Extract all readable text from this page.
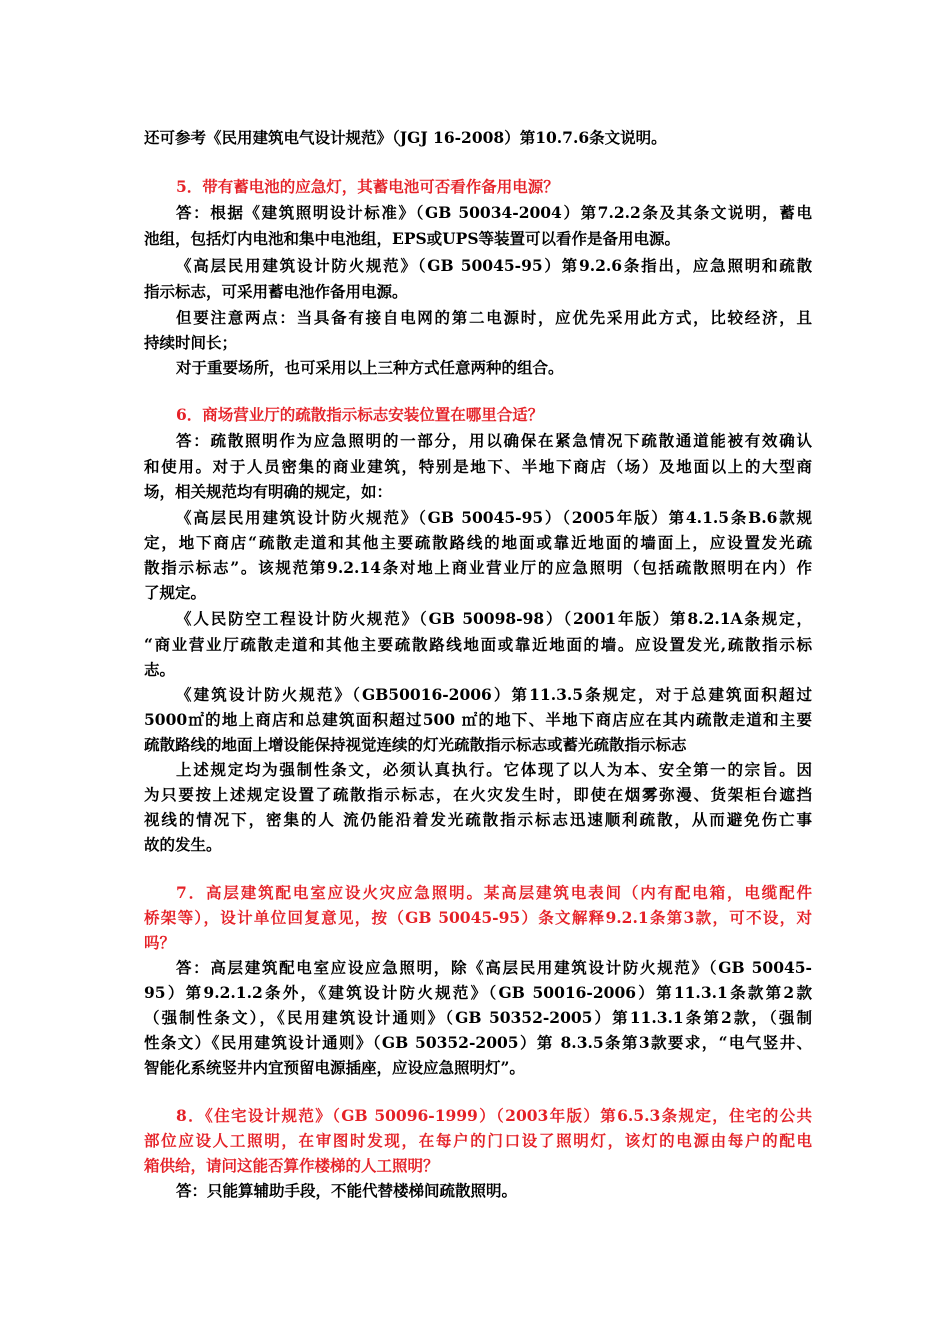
还可参考《民用建筑电气设计规范》（JGJ 16-2008）第10.7.6条文说明。
5．带有蓄电池的应急灯，其蓄电池可否看作备用电源？
答：根据《建筑照明设计标准》（GB 50034-2004）第7.2.2条及其条文说明，蓄电
池组，包括灯内电池和集中电池组，EPS或UPS等装置可以看作是备用电源。
《高层民用建筑设计防火规范》（GB 50045-95）第9.2.6条指出，应急照明和疏散
指示标志，可采用蓄电池作备用电源。
但要注意两点：当具备有接自电网的第二电源时，应优先采用此方式，比较经济，且
持续时间长；
对于重要场所，也可采用以上三种方式任意两种的组合。
6．商场营业厅的疏散指示标志安装位置在哪里合适？
答：疏散照明作为应急照明的一部分，用以确保在紧急情况下疏散通道能被有效确认
和使用。对于人员密集的商业建筑，特别是地下、半地下商店（场）及地面以上的大型商
场，相关规范均有明确的规定，如：
《高层民用建筑设计防火规范》（GB 50045-95）（2005年版）第4.1.5条B.6款规
定，地下商店“疏散走道和其他主要疏散路线的地面或靠近地面的墙面上，应设置发光疏
散指示标志”。该规范第9.2.14条对地上商业营业厅的应急照明（包括疏散照明在内）作
了规定。
《人民防空工程设计防火规范》（GB 50098-98）（2001年版）第8.2.1A条规定，
“商业营业厅疏散走道和其他主要疏散路线地面或靠近地面的墙。应设置发光,疏散指示标
志。
《建筑设计防火规范》（GB50016-2006）第11.3.5条规定，对于总建筑面积超过
5000㎡的地上商店和总建筑面积超过500 ㎡的地下、半地下商店应在其内疏散走道和主要
疏散路线的地面上增设能保持视觉连续的灯光疏散指示标志或蓄光疏散指示标志
上述规定均为强制性条文，必须认真执行。它体现了以人为本、安全第一的宗旨。因
为只要按上述规定设置了疏散指示标志，在火灾发生时，即使在烟雾弥漫、货架柜台遮挡
视线的情况下，密集的人 流仍能沿着发光疏散指示标志迅速顺利疏散，从而避免伤亡事
故的发生。
7．高层建筑配电室应设火灾应急照明。某高层建筑电表间（内有配电箱，电缆配件
桥架等），设计单位回复意见，按（GB 50045-95）条文解释9.2.1条第3款，可不设，对
吗？
答：高层建筑配电室应设应急照明，除《高层民用建筑设计防火规范》（GB 50045-
95）第9.2.1.2条外，《建筑设计防火规范》（GB 50016-2006）第11.3.1条款第2款
（强制性条文），《民用建筑设计通则》（GB 50352-2005）第11.3.1条第2款，（强制
性条文）《民用建筑设计通则》（GB 50352-2005）第 8.3.5条第3款要求，“电气竖井、
智能化系统竖井内宜预留电源插座，应设应急照明灯”。
8．《住宅设计规范》（GB 50096-1999）（2003年版）第6.5.3条规定，住宅的公共
部位应设人工照明，在审图时发现，在每户的门口设了照明灯，该灯的电源由每户的配电
箱供给，请问这能否算作楼梯的人工照明？
答：只能算辅助手段，不能代替楼梯间疏散照明。
